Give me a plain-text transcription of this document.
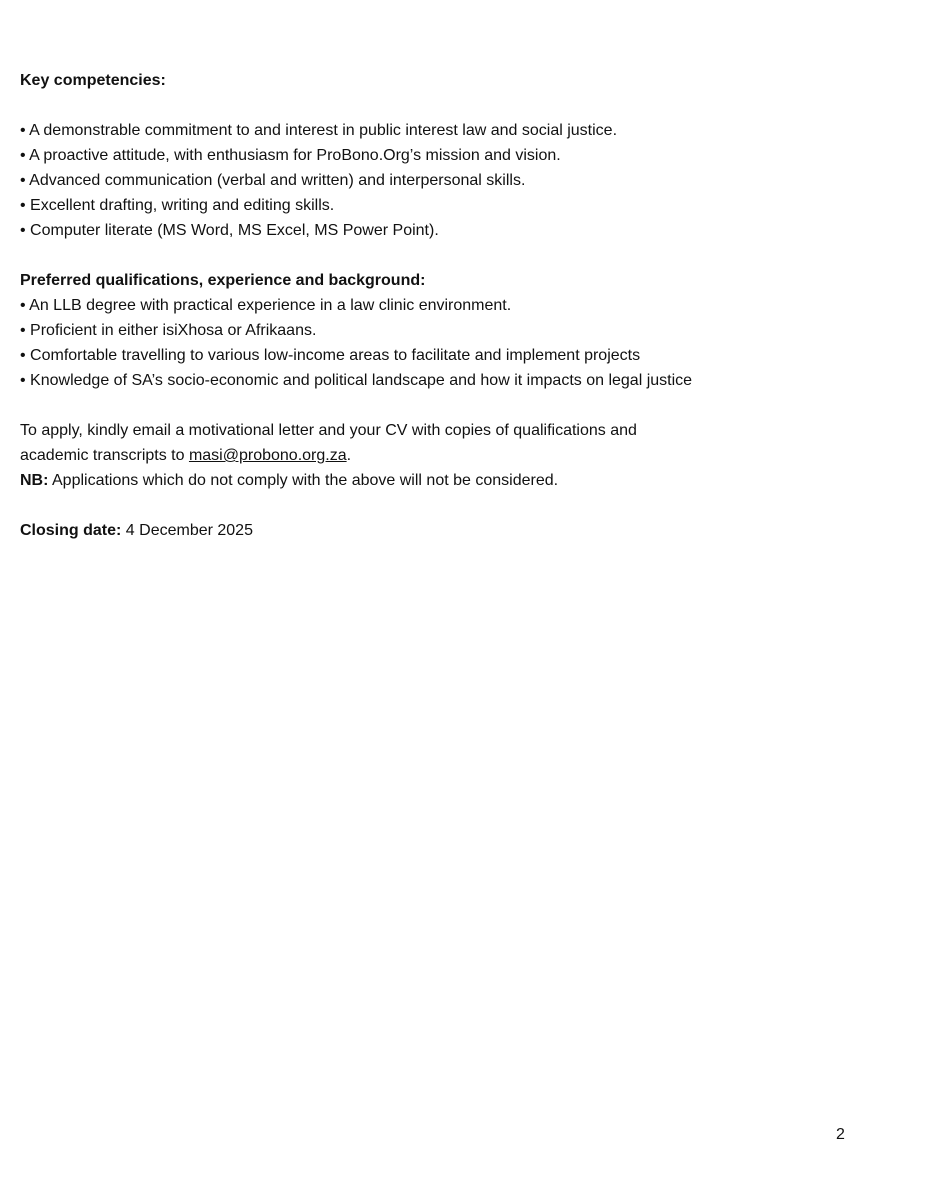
Key competencies:
• A demonstrable commitment to and interest in public interest law and social justice.
• A proactive attitude, with enthusiasm for ProBono.Org’s mission and vision.
• Advanced communication (verbal and written) and interpersonal skills.
• Excellent drafting, writing and editing skills.
• Computer literate (MS Word, MS Excel, MS Power Point).
Preferred qualifications, experience and background:
• An LLB degree with practical experience in a law clinic environment.
• Proficient in either isiXhosa or Afrikaans.
• Comfortable travelling to various low-income areas to facilitate and implement projects
• Knowledge of SA’s socio-economic and political landscape and how it impacts on legal justice
To apply, kindly email a motivational letter and your CV with copies of qualifications and
academic transcripts to masi@probono.org.za.
NB: Applications which do not comply with the above will not be considered.
Closing date: 4 December 2025
2
